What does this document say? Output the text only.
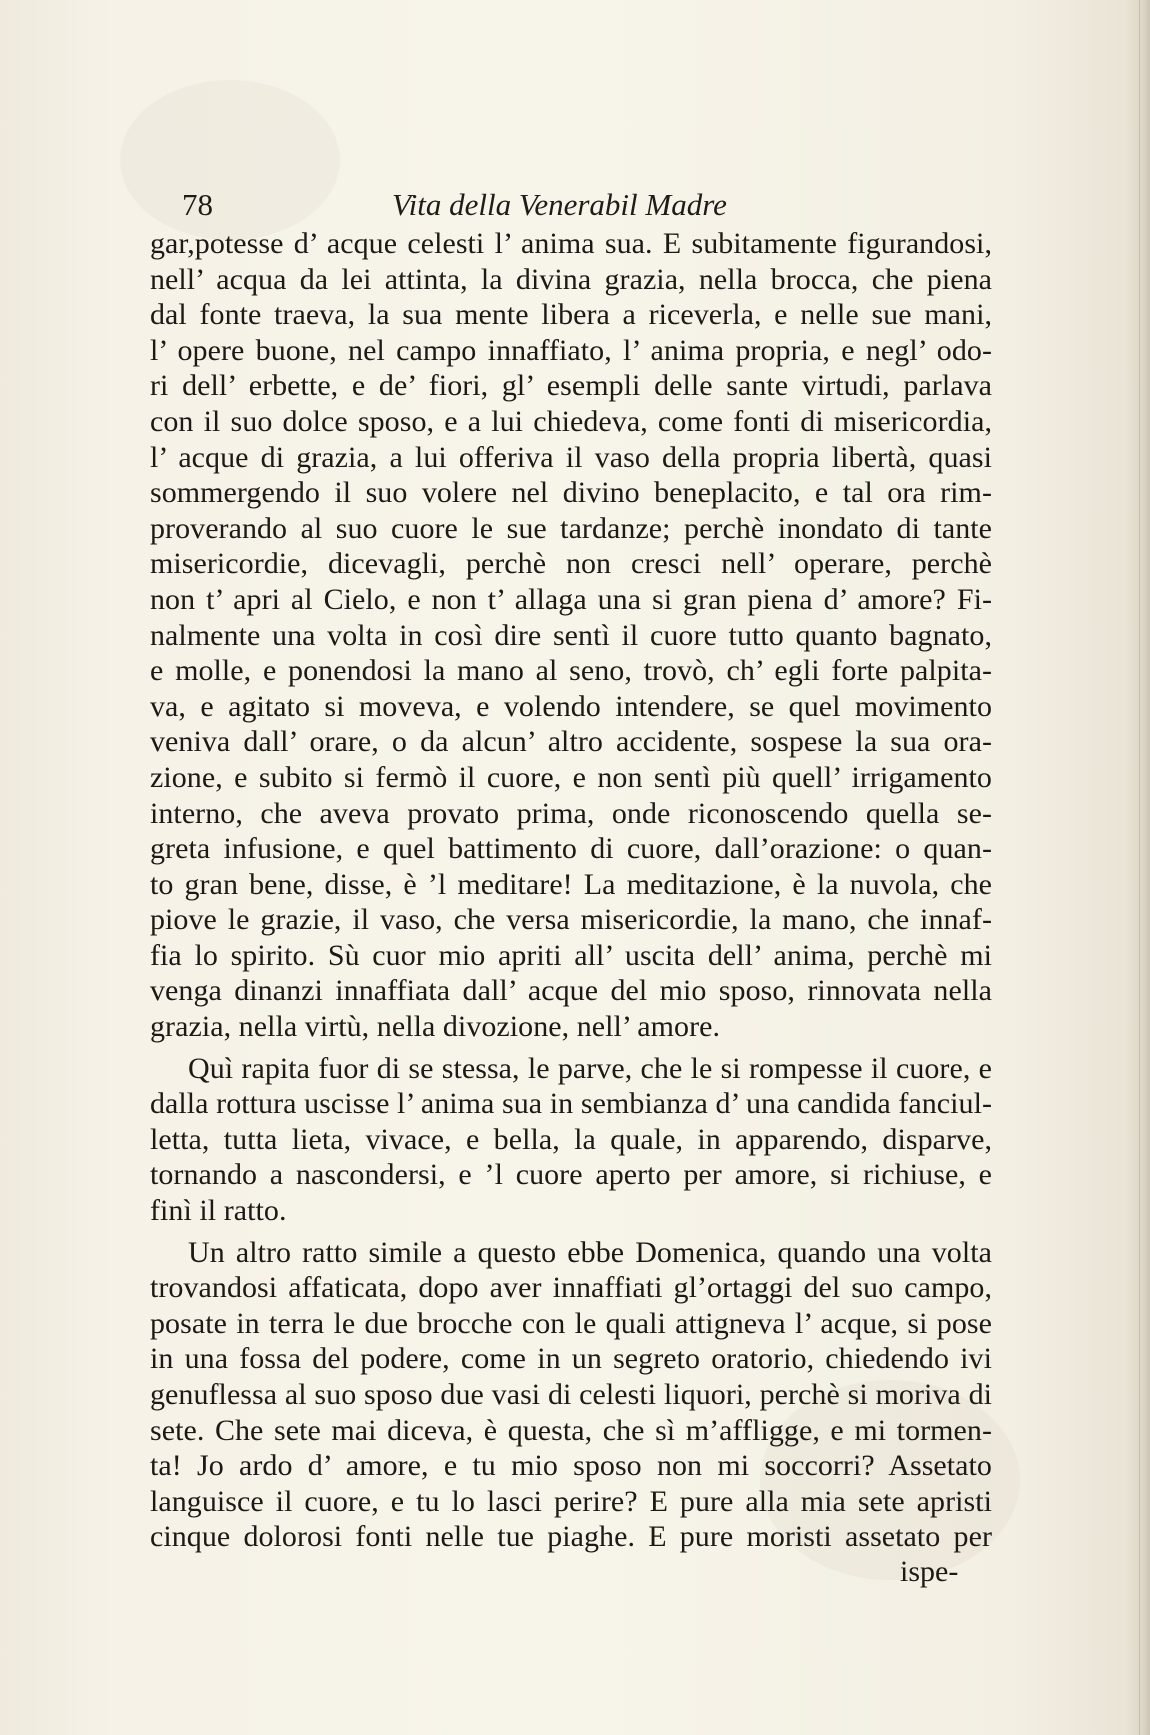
78	Vita della Venerabil Madre
gar,potesse d’ acque celesti l’ anima sua. E subitamente figurandosi,
nell’ acqua da lei attinta, la divina grazia, nella brocca, che piena
dal fonte traeva, la sua mente libera a riceverla, e nelle sue mani,
l’ opere buone, nel campo innaffiato, l’ anima propria, e negl’ odo-
ri dell’ erbette, e de’ fiori, gl’ esempli delle sante virtudi, parlava
con il suo dolce sposo, e a lui chiedeva, come fonti di misericordia,
l’ acque di grazia, a lui offeriva il vaso della propria libertà, quasi
sommergendo il suo volere nel divino beneplacito, e tal ora rim-
proverando al suo cuore le sue tardanze; perchè inondato di tante
misericordie, dicevagli, perchè non cresci nell’ operare, perchè
non t’ apri al Cielo, e non t’ allaga una si gran piena d’ amore? Fi-
nalmente una volta in così dire sentì il cuore tutto quanto bagnato,
e molle, e ponendosi la mano al seno, trovò, ch’ egli forte palpita-
va, e agitato si moveva, e volendo intendere, se quel movimento
veniva dall’ orare, o da alcun’ altro accidente, sospese la sua ora-
zione, e subito si fermò il cuore, e non sentì più quell’ irrigamento
interno, che aveva provato prima, onde riconoscendo quella se-
greta infusione, e quel battimento di cuore, dall’orazione: o quan-
to gran bene, disse, è ’l meditare! La meditazione, è la nuvola, che
piove le grazie, il vaso, che versa misericordie, la mano, che innaf-
fia lo spirito. Sù cuor mio apriti all’ uscita dell’ anima, perchè mi
venga dinanzi innaffiata dall’ acque del mio sposo, rinnovata nella
grazia, nella virtù, nella divozione, nell’ amore.
Quì rapita fuor di se stessa, le parve, che le si rompesse il cuore, e
dalla rottura uscisse l’ anima sua in sembianza d’ una candida fanciul-
letta, tutta lieta, vivace, e bella, la quale, in apparendo, disparve,
tornando a nascondersi, e ’l cuore aperto per amore, si richiuse, e
finì il ratto.
Un altro ratto simile a questo ebbe Domenica, quando una volta
trovandosi affaticata, dopo aver innaffiati gl’ortaggi del suo campo,
posate in terra le due brocche con le quali attigneva l’ acque, si pose
in una fossa del podere, come in un segreto oratorio, chiedendo ivi
genuflessa al suo sposo due vasi di celesti liquori, perchè si moriva di
sete. Che sete mai diceva, è questa, che sì m’affligge, e mi tormen-
ta! Jo ardo d’ amore, e tu mio sposo non mi soccorri? Assetato
languisce il cuore, e tu lo lasci perire? E pure alla mia sete apristi
cinque dolorosi fonti nelle tue piaghe. E pure moristi assetato per
ispe-
